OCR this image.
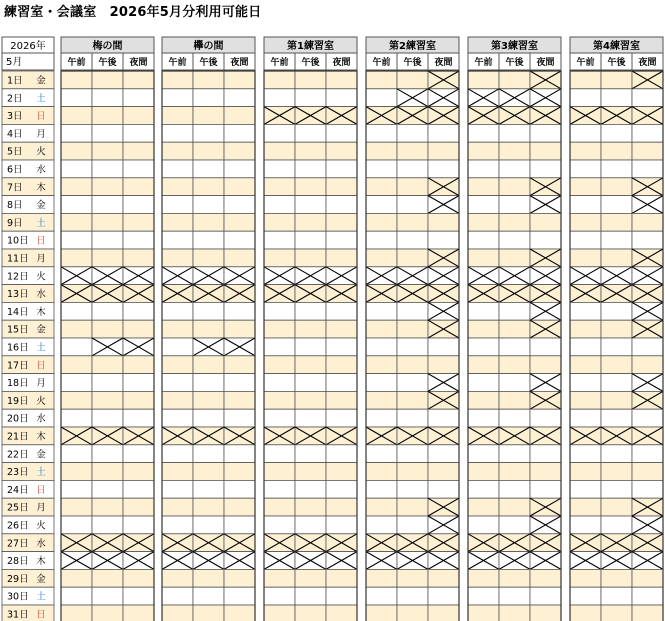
練習室・会議室　2026年5月分利用可能日
2026年
5月
1日 金
2日 土
3日 日
4日 月
5日 火
6日 水
7日 木
8日 金
9日 土
10日 日
11日 月
12日 火
13日 水
14日 木
15日 金
16日 土
17日 日
18日 月
19日 火
20日 水
21日 木
22日 金
23日 土
24日 日
25日 月
26日 火
27日 水
28日 木
29日 金
30日 土
31日 日
梅の間
午前 午後 夜間
欅の間
午前 午後 夜間
第1練習室
午前 午後 夜間
第2練習室
午前 午後 夜間
第3練習室
午前 午後 夜間
第4練習室
午前 午後 夜間
